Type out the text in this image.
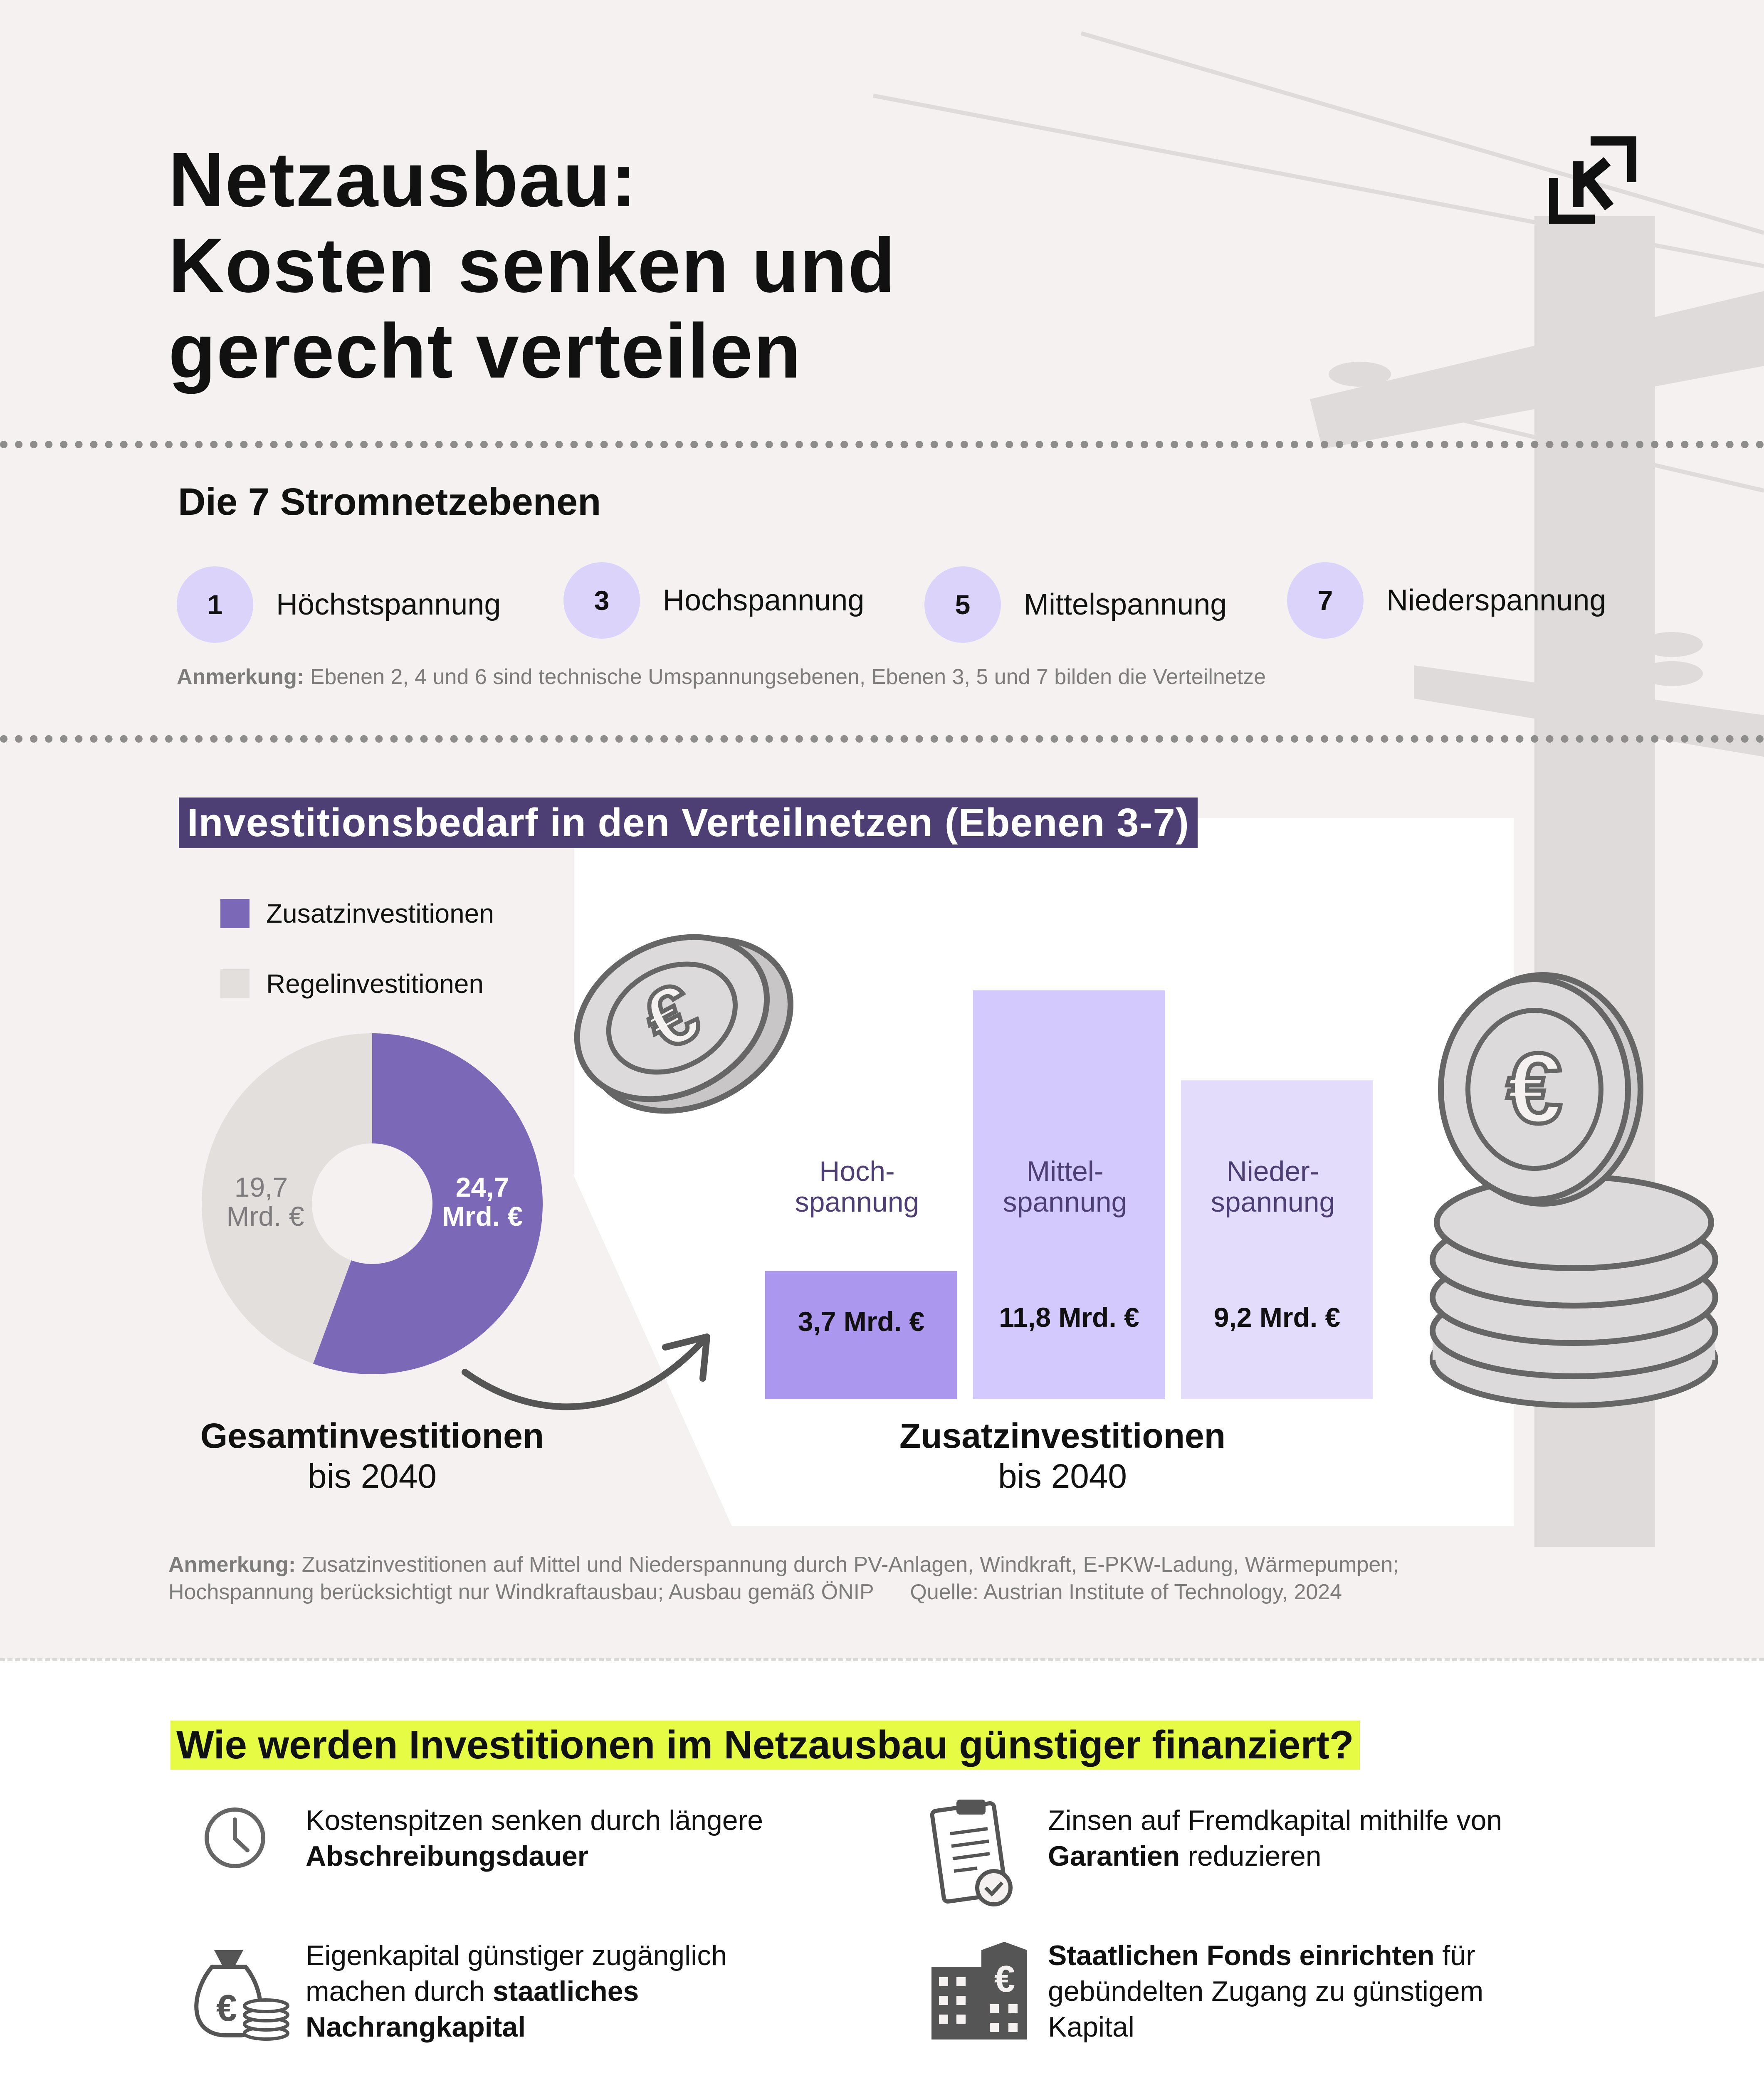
Netzausbau:
Kosten senken und
gerecht verteilen
Die 7 Stromnetzebenen
1	Höchstspannung	3	Hochspannung	5	Mittelspannung	7	Niederspannung
Anmerkung: Ebenen 2, 4 und 6 sind technische Umspannungsebenen, Ebenen 3, 5 und 7 bilden die Verteilnetze
Investitionsbedarf in den Verteilnetzen (Ebenen 3-7)
Zusatzinvestitionen
Regelinvestitionen
24,7
Mrd. €
19,7
Mrd. €
Hoch-
spannung
Mittel-
spannung
Nieder-
spannung
3,7 Mrd. €	11,8 Mrd. €	9,2 Mrd. €
Gesamtinvestitionen
bis 2040
Zusatzinvestitionen
bis 2040
€
€
Anmerkung: Zusatzinvestitionen auf Mittel und Niederspannung durch PV-Anlagen, Windkraft, E-PKW-Ladung, Wärmepumpen;
Hochspannung berücksichtigt nur Windkraftausbau; Ausbau gemäß ÖNIP Quelle: Austrian Institute of Technology, 2024
Wie werden Investitionen im Netzausbau günstiger finanziert?
Kostenspitzen senken durch längere Abschreibungsdauer
Zinsen auf Fremdkapital mithilfe von Garantien reduzieren
€
Eigenkapital günstiger zugänglich machen durch staatliches Nachrangkapital
€
Staatlichen Fonds einrichten für gebündelten Zugang zu günstigem Kapital
